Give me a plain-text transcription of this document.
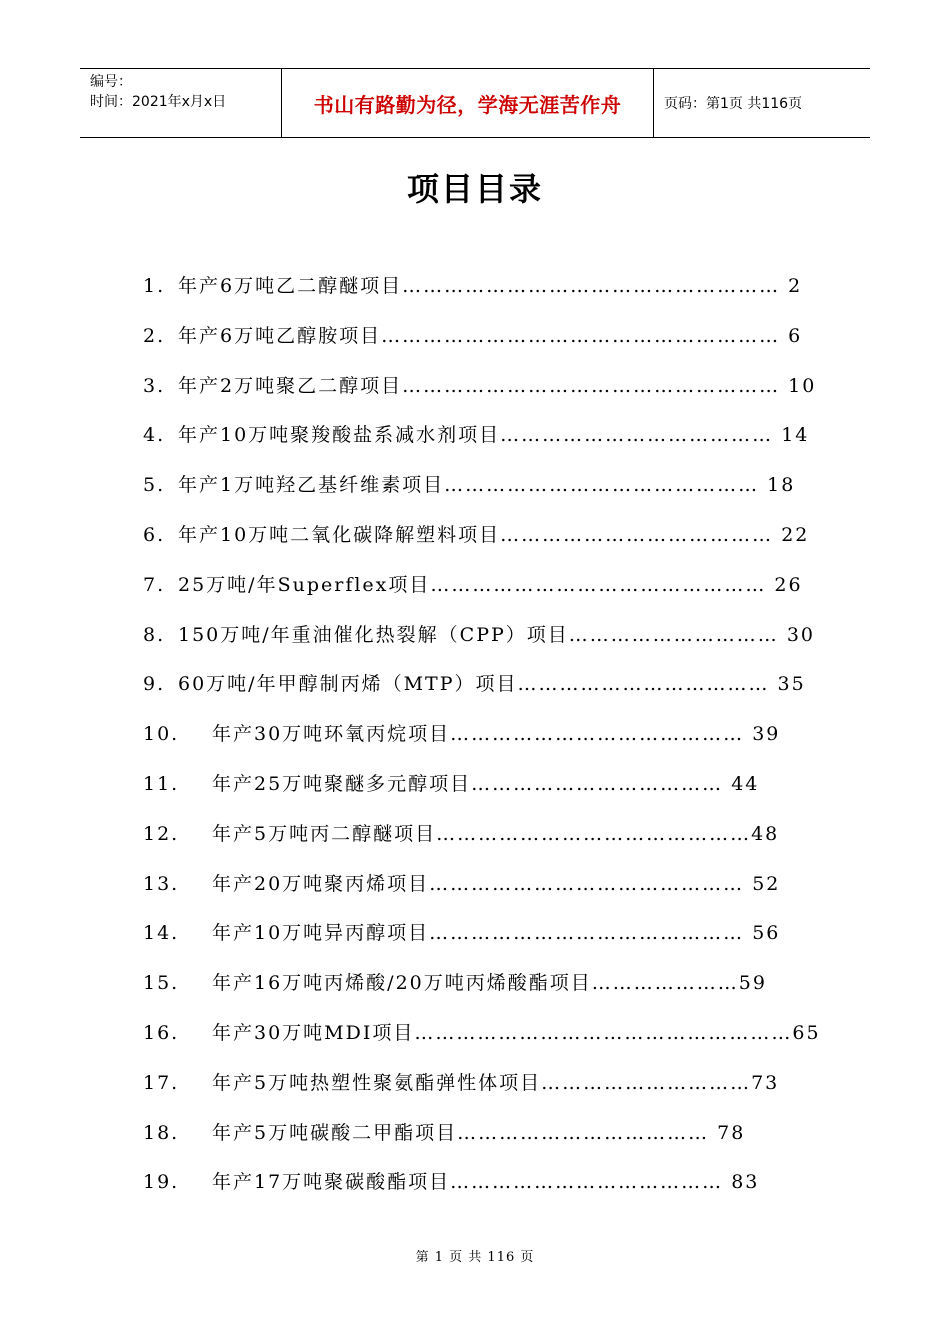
编号：
时间：2021年x月x日	书山有路勤为径，学海无涯苦作舟	页码：第1页 共116页
项目目录
1. 年产6万吨乙二醇醚项目……………………………………………… 2
2. 年产6万吨乙醇胺项目………………………………………………… 6
3. 年产2万吨聚乙二醇项目……………………………………………… 10
4. 年产10万吨聚羧酸盐系减水剂项目………………………………… 14
5. 年产1万吨羟乙基纤维素项目……………………………………… 18
6. 年产10万吨二氧化碳降解塑料项目………………………………… 22
7. 25万吨/年Superflex项目………………………………………… 26
8. 150万吨/年重油催化热裂解（CPP）项目………………………… 30
9. 60万吨/年甲醇制丙烯（MTP）项目……………………………… 35
10. 年产30万吨环氧丙烷项目…………………………………… 39
11. 年产25万吨聚醚多元醇项目……………………………… 44
12. 年产5万吨丙二醇醚项目………………………………………48
13. 年产20万吨聚丙烯项目……………………………………… 52
14. 年产10万吨异丙醇项目……………………………………… 56
15. 年产16万吨丙烯酸/20万吨丙烯酸酯项目…………………59
16. 年产30万吨MDI项目………………………………………………65
17. 年产5万吨热塑性聚氨酯弹性体项目…………………………73
18. 年产5万吨碳酸二甲酯项目……………………………… 78
19. 年产17万吨聚碳酸酯项目………………………………… 83
第 1 页 共 116 页
